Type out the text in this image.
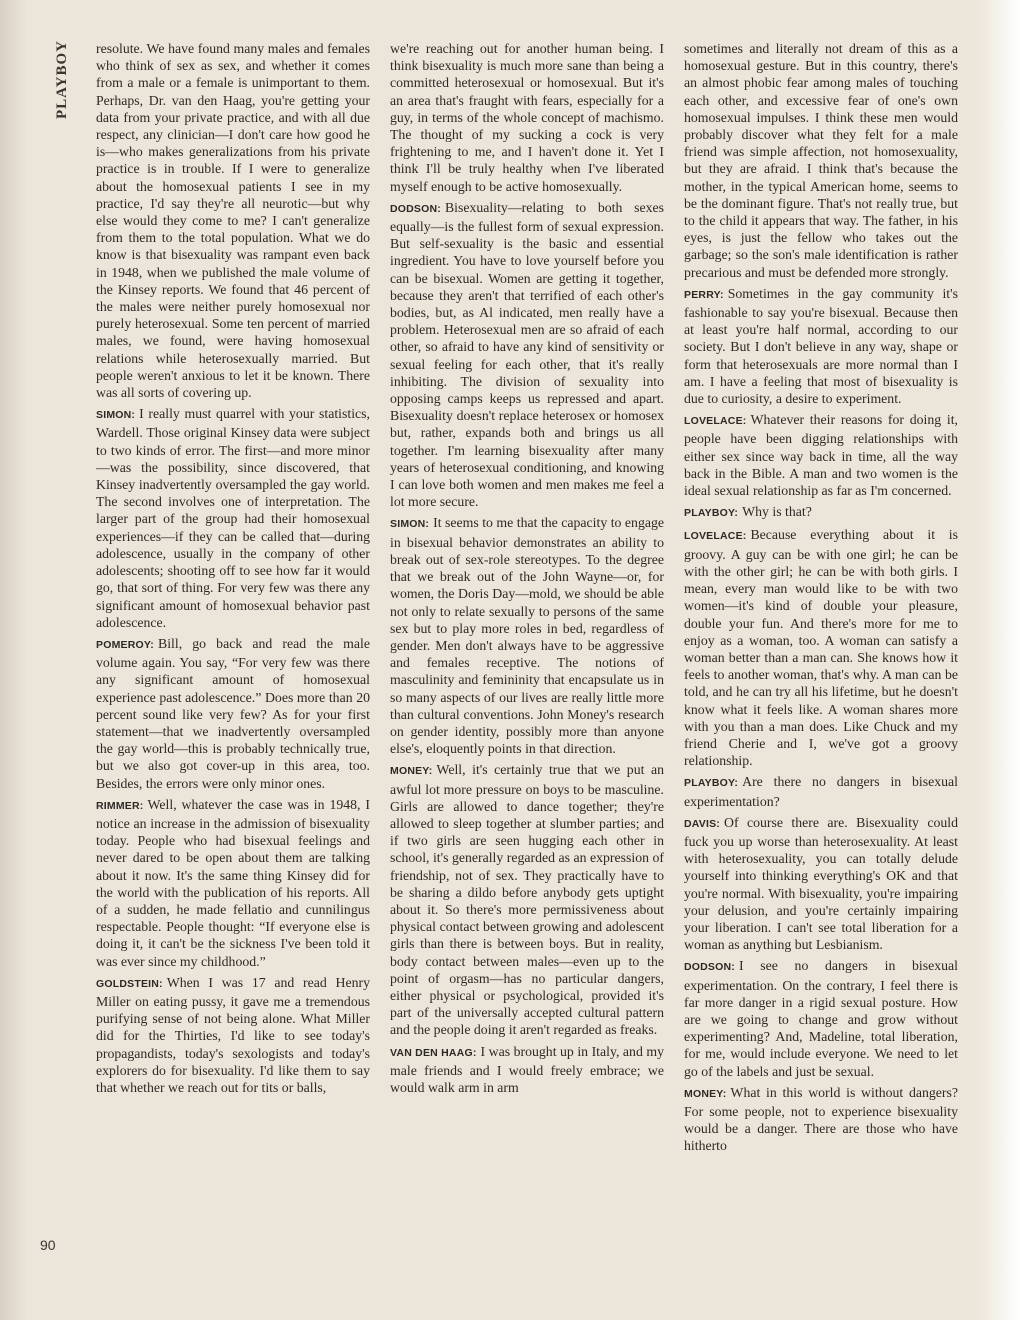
PLAYBOY
90

resolute. We have found many males and females who think of sex as sex, and whether it comes from a male or a female is unimportant to them. Perhaps, Dr. van den Haag, you're getting your data from your private practice, and with all due respect, any clinician—I don't care how good he is—who makes generalizations from his private practice is in trouble. If I were to generalize about the homosexual patients I see in my practice, I'd say they're all neurotic—but why else would they come to me? I can't generalize from them to the total population. What we do know is that bisexuality was rampant even back in 1948, when we published the male volume of the Kinsey reports. We found that 46 percent of the males were neither purely homosexual nor purely heterosexual. Some ten percent of married males, we found, were having homosexual relations while heterosexually married. But people weren't anxious to let it be known. There was all sorts of covering up.

SIMON: I really must quarrel with your statistics, Wardell. Those original Kinsey data were subject to two kinds of error. The first—and more minor—was the possibility, since discovered, that Kinsey inadvertently oversampled the gay world. The second involves one of interpretation. The larger part of the group had their homosexual experiences—if they can be called that—during adolescence, usually in the company of other adolescents; shooting off to see how far it would go, that sort of thing. For very few was there any significant amount of homosexual behavior past adolescence.

POMEROY: Bill, go back and read the male volume again. You say, “For very few was there any significant amount of homosexual experience past adolescence.” Does more than 20 percent sound like very few? As for your first statement—that we inadvertently oversampled the gay world—this is probably technically true, but we also got cover-up in this area, too. Besides, the errors were only minor ones.

RIMMER: Well, whatever the case was in 1948, I notice an increase in the admission of bisexuality today. People who had bisexual feelings and never dared to be open about them are talking about it now. It's the same thing Kinsey did for the world with the publication of his reports. All of a sudden, he made fellatio and cunnilingus respectable. People thought: “If everyone else is doing it, it can't be the sickness I've been told it was ever since my childhood.”

GOLDSTEIN: When I was 17 and read Henry Miller on eating pussy, it gave me a tremendous purifying sense of not being alone. What Miller did for the Thirties, I'd like to see today's propagandists, today's sexologists and today's explorers do for bisexuality. I'd like them to say that whether we reach out for tits or balls,

we're reaching out for another human being. I think bisexuality is much more sane than being a committed heterosexual or homosexual. But it's an area that's fraught with fears, especially for a guy, in terms of the whole concept of machismo. The thought of my sucking a cock is very frightening to me, and I haven't done it. Yet I think I'll be truly healthy when I've liberated myself enough to be active homosexually.

DODSON: Bisexuality—relating to both sexes equally—is the fullest form of sexual expression. But self-sexuality is the basic and essential ingredient. You have to love yourself before you can be bisexual. Women are getting it together, because they aren't that terrified of each other's bodies, but, as Al indicated, men really have a problem. Heterosexual men are so afraid of each other, so afraid to have any kind of sensitivity or sexual feeling for each other, that it's really inhibiting. The division of sexuality into opposing camps keeps us repressed and apart. Bisexuality doesn't replace heterosex or homosex but, rather, expands both and brings us all together. I'm learning bisexuality after many years of heterosexual conditioning, and knowing I can love both women and men makes me feel a lot more secure.

SIMON: It seems to me that the capacity to engage in bisexual behavior demonstrates an ability to break out of sex-role stereotypes. To the degree that we break out of the John Wayne—or, for women, the Doris Day—mold, we should be able not only to relate sexually to persons of the same sex but to play more roles in bed, regardless of gender. Men don't always have to be aggressive and females receptive. The notions of masculinity and femininity that encapsulate us in so many aspects of our lives are really little more than cultural conventions. John Money's research on gender identity, possibly more than anyone else's, eloquently points in that direction.

MONEY: Well, it's certainly true that we put an awful lot more pressure on boys to be masculine. Girls are allowed to dance together; they're allowed to sleep together at slumber parties; and if two girls are seen hugging each other in school, it's generally regarded as an expression of friendship, not of sex. They practically have to be sharing a dildo before anybody gets uptight about it. So there's more permissiveness about physical contact between growing and adolescent girls than there is between boys. But in reality, body contact between males—even up to the point of orgasm—has no particular dangers, either physical or psychological, provided it's part of the universally accepted cultural pattern and the people doing it aren't regarded as freaks.

VAN DEN HAAG: I was brought up in Italy, and my male friends and I would freely embrace; we would walk arm in arm

sometimes and literally not dream of this as a homosexual gesture. But in this country, there's an almost phobic fear among males of touching each other, and excessive fear of one's own homosexual impulses. I think these men would probably discover what they felt for a male friend was simple affection, not homosexuality, but they are afraid. I think that's because the mother, in the typical American home, seems to be the dominant figure. That's not really true, but to the child it appears that way. The father, in his eyes, is just the fellow who takes out the garbage; so the son's male identification is rather precarious and must be defended more strongly.

PERRY: Sometimes in the gay community it's fashionable to say you're bisexual. Because then at least you're half normal, according to our society. But I don't believe in any way, shape or form that heterosexuals are more normal than I am. I have a feeling that most of bisexuality is due to curiosity, a desire to experiment.

LOVELACE: Whatever their reasons for doing it, people have been digging relationships with either sex since way back in time, all the way back in the Bible. A man and two women is the ideal sexual relationship as far as I'm concerned.

PLAYBOY: Why is that?

LOVELACE: Because everything about it is groovy. A guy can be with one girl; he can be with the other girl; he can be with both girls. I mean, every man would like to be with two women—it's kind of double your pleasure, double your fun. And there's more for me to enjoy as a woman, too. A woman can satisfy a woman better than a man can. She knows how it feels to another woman, that's why. A man can be told, and he can try all his lifetime, but he doesn't know what it feels like. A woman shares more with you than a man does. Like Chuck and my friend Cherie and I, we've got a groovy relationship.

PLAYBOY: Are there no dangers in bisexual experimentation?

DAVIS: Of course there are. Bisexuality could fuck you up worse than heterosexuality. At least with heterosexuality, you can totally delude yourself into thinking everything's OK and that you're normal. With bisexuality, you're impairing your delusion, and you're certainly impairing your liberation. I can't see total liberation for a woman as anything but Lesbianism.

DODSON: I see no dangers in bisexual experimentation. On the contrary, I feel there is far more danger in a rigid sexual posture. How are we going to change and grow without experimenting? And, Madeline, total liberation, for me, would include everyone. We need to let go of the labels and just be sexual.

MONEY: What in this world is without dangers? For some people, not to experience bisexuality would be a danger. There are those who have hitherto
